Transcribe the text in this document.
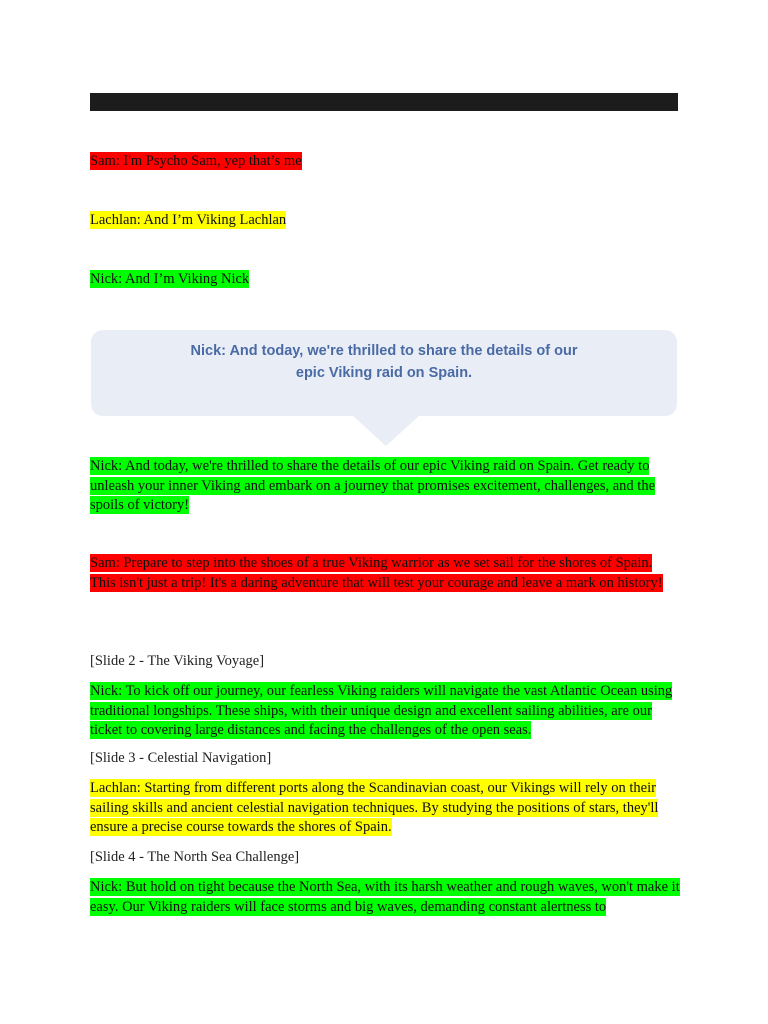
Sam: I'm Psycho Sam, yep that’s me
Lachlan: And I’m Viking Lachlan
Nick: And I’m Viking Nick
Nick: And today, we're thrilled to share the details of our
epic Viking raid on Spain.
Nick: And today, we're thrilled to share the details of our epic Viking raid on Spain. Get ready to unleash your inner Viking and embark on a journey that promises excitement, challenges, and the spoils of victory!
Sam: Prepare to step into the shoes of a true Viking warrior as we set sail for the shores of Spain. This isn't just a trip! It's a daring adventure that will test your courage and leave a mark on history!
[Slide 2 - The Viking Voyage]
Nick: To kick off our journey, our fearless Viking raiders will navigate the vast Atlantic Ocean using traditional longships. These ships, with their unique design and excellent sailing abilities, are our ticket to covering large distances and facing the challenges of the open seas.
[Slide 3 - Celestial Navigation]
Lachlan: Starting from different ports along the Scandinavian coast, our Vikings will rely on their sailing skills and ancient celestial navigation techniques. By studying the positions of stars, they'll ensure a precise course towards the shores of Spain.
[Slide 4 - The North Sea Challenge]
Nick: But hold on tight because the North Sea, with its harsh weather and rough waves, won't make it easy. Our Viking raiders will face storms and big waves, demanding constant alertness to
